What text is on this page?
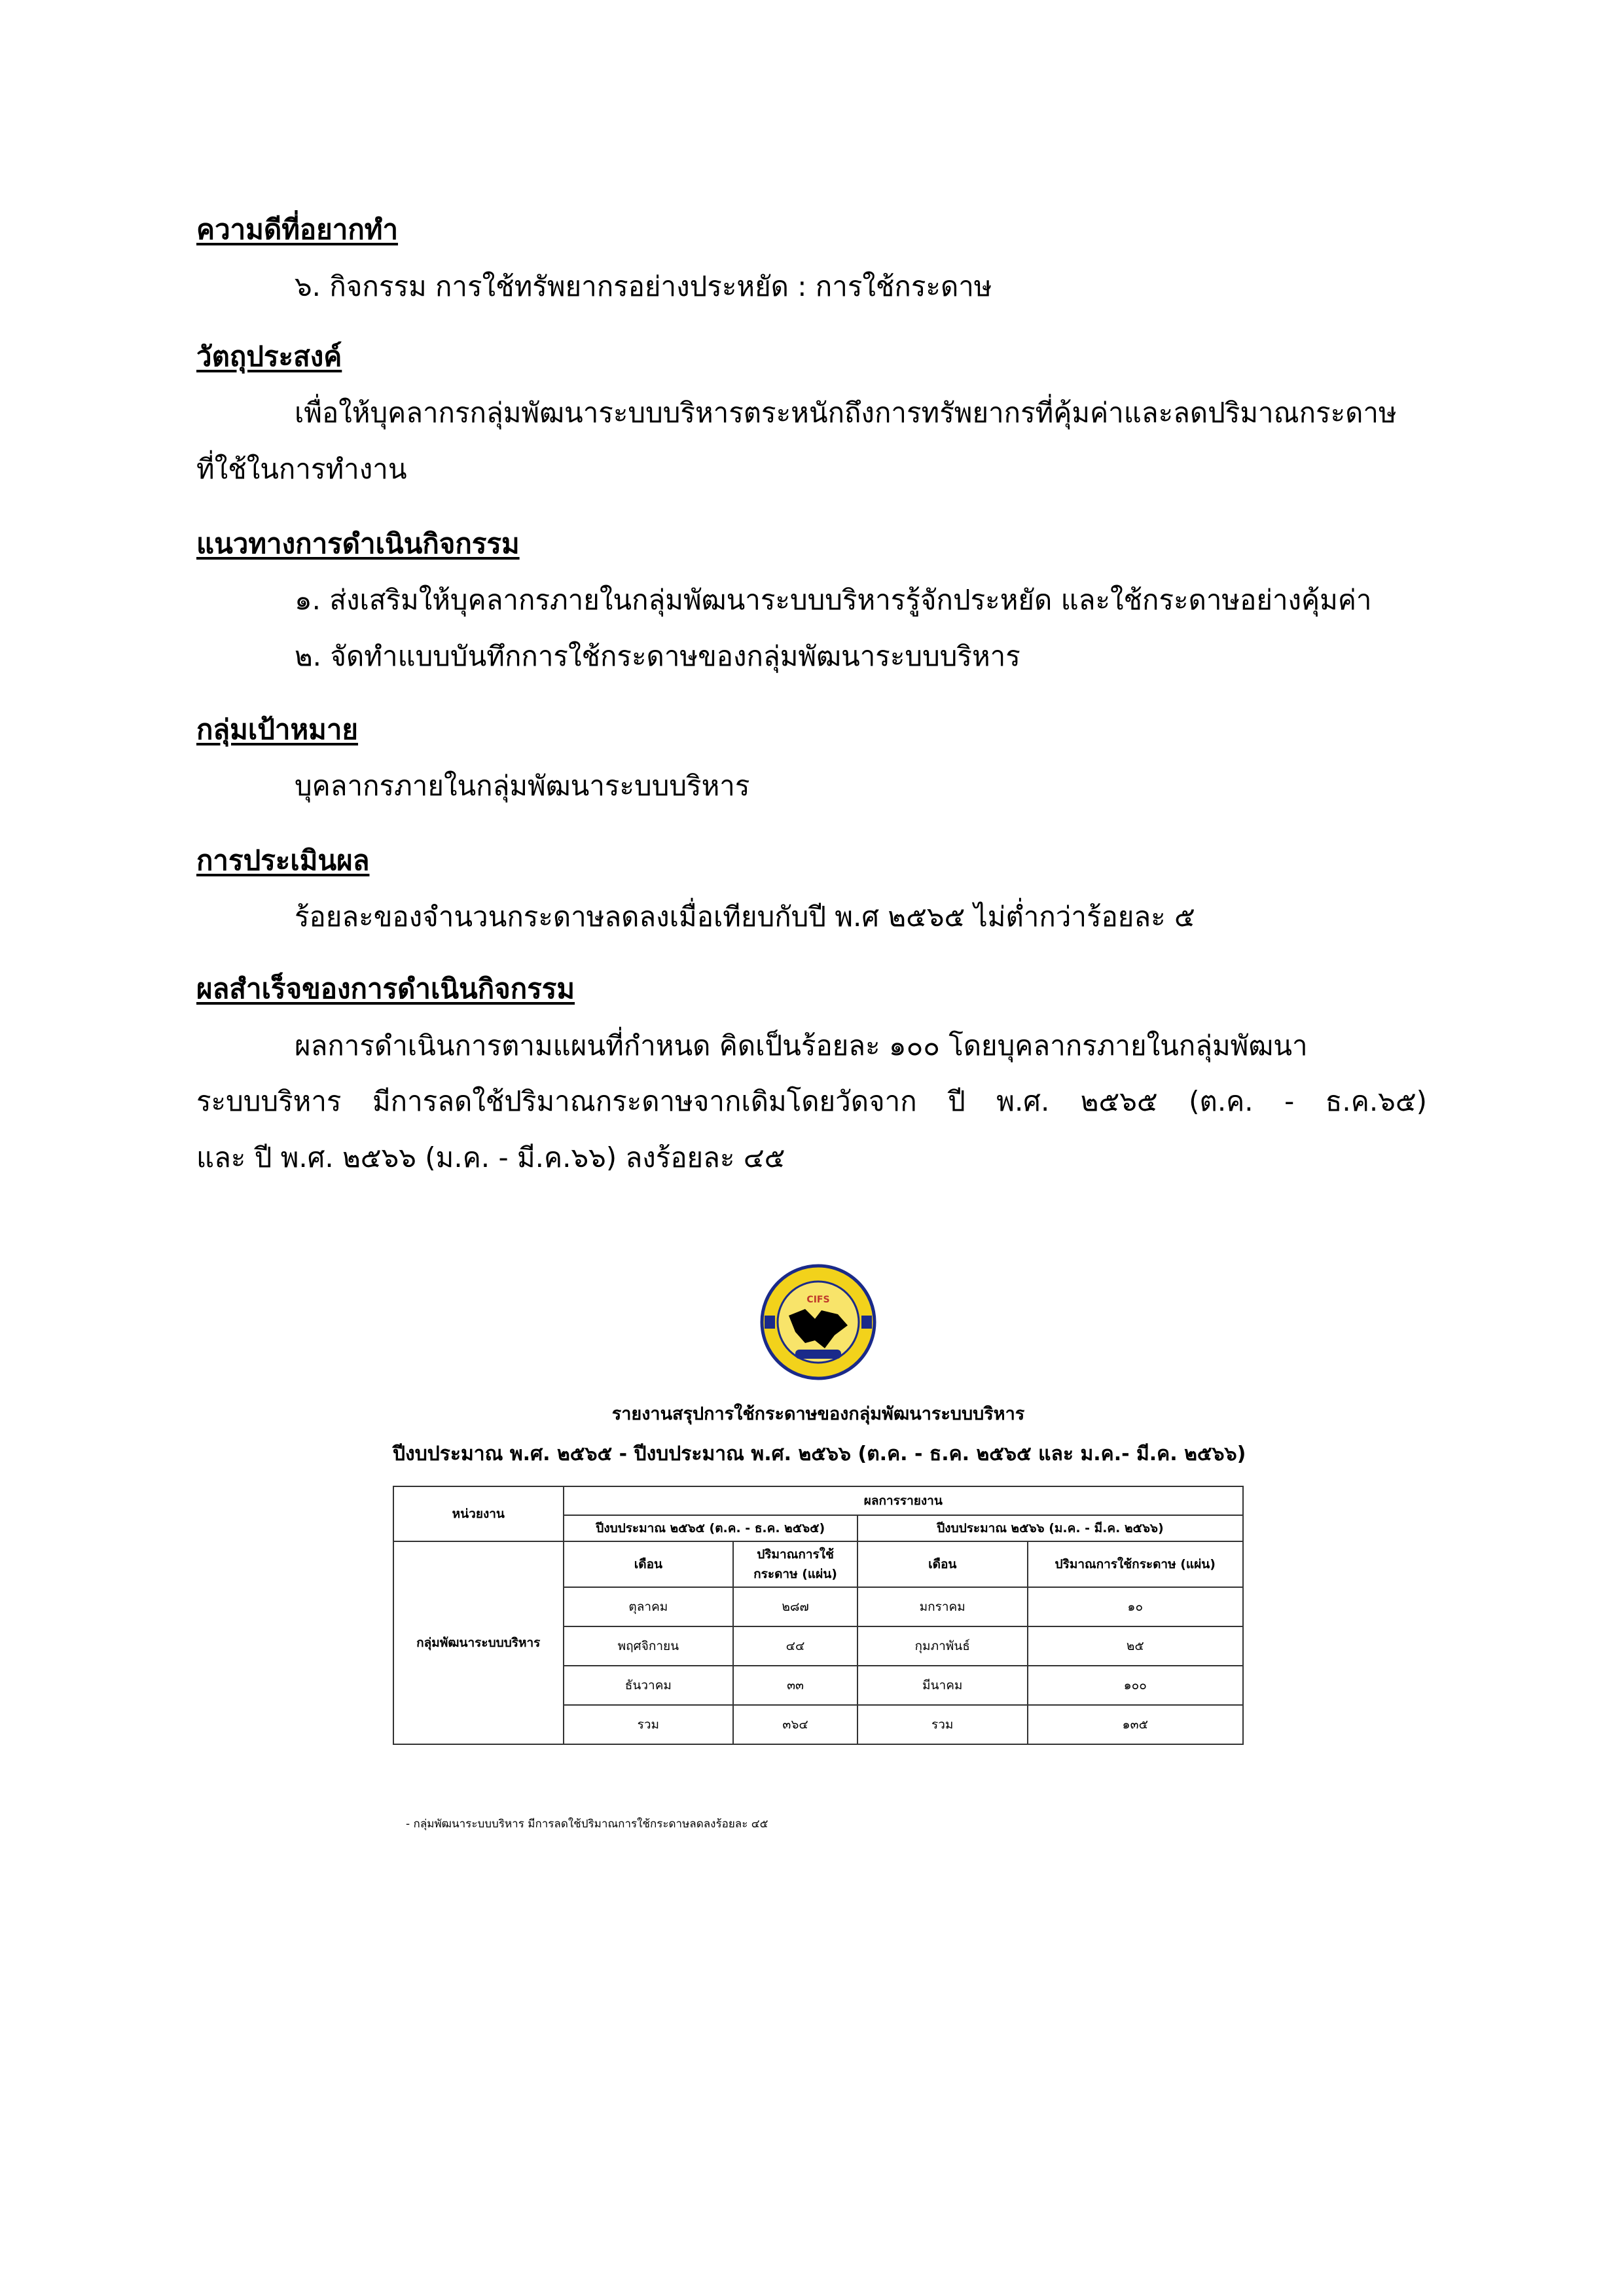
ความดีที่อยากทำ
๖. กิจกรรม การใช้ทรัพยากรอย่างประหยัด : การใช้กระดาษ
วัตถุประสงค์
เพื่อให้บุคลากรกลุ่มพัฒนาระบบบริหารตระหนักถึงการทรัพยากรที่คุ้มค่าและลดปริมาณกระดาษ
ที่ใช้ในการทำงาน
แนวทางการดำเนินกิจกรรม
๑. ส่งเสริมให้บุคลากรภายในกลุ่มพัฒนาระบบบริหารรู้จักประหยัด และใช้กระดาษอย่างคุ้มค่า
๒. จัดทำแบบบันทึกการใช้กระดาษของกลุ่มพัฒนาระบบบริหาร
กลุ่มเป้าหมาย
บุคลากรภายในกลุ่มพัฒนาระบบบริหาร
การประเมินผล
ร้อยละของจำนวนกระดาษลดลงเมื่อเทียบกับปี พ.ศ ๒๕๖๕ ไม่ต่ำกว่าร้อยละ ๕
ผลสำเร็จของการดำเนินกิจกรรม
ผลการดำเนินการตามแผนที่กำหนด คิดเป็นร้อยละ ๑๐๐ โดยบุคลากรภายในกลุ่มพัฒนา
ระบบบริหาร มีการลดใช้ปริมาณกระดาษจากเดิมโดยวัดจาก ปี พ.ศ. ๒๕๖๕ (ต.ค. - ธ.ค.๖๕)
และ ปี พ.ศ. ๒๕๖๖ (ม.ค. - มี.ค.๖๖) ลงร้อยละ ๔๕
CIFS
รายงานสรุปการใช้กระดาษของกลุ่มพัฒนาระบบบริหาร
ปีงบประมาณ พ.ศ. ๒๕๖๕ - ปีงบประมาณ พ.ศ. ๒๕๖๖ (ต.ค. - ธ.ค. ๒๕๖๕ และ ม.ค.- มี.ค. ๒๕๖๖)
หน่วยงาน	ผลการรายงาน			
	ปีงบประมาณ ๒๕๖๕ (ต.ค. - ธ.ค. ๒๕๖๕)		ปีงบประมาณ ๒๕๖๖ (ม.ค. - มี.ค. ๒๕๖๖)	
กลุ่มพัฒนาระบบบริหาร	เดือน	ปริมาณการใช้กระดาษ (แผ่น)	เดือน	ปริมาณการใช้กระดาษ (แผ่น)
	ตุลาคม	๒๘๗	มกราคม	๑๐
	พฤศจิกายน	๔๔	กุมภาพันธ์	๒๕
	ธันวาคม	๓๓	มีนาคม	๑๐๐
	รวม	๓๖๔	รวม	๑๓๕
- กลุ่มพัฒนาระบบบริหาร มีการลดใช้ปริมาณการใช้กระดาษลดลงร้อยละ ๔๕
